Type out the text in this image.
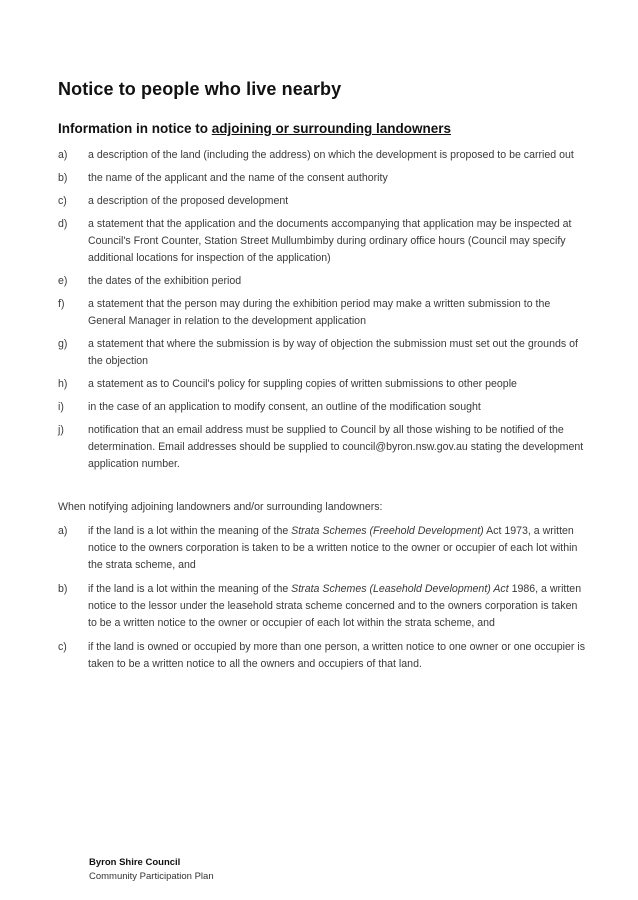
Notice to people who live nearby
Information in notice to adjoining or surrounding landowners
a)	a description of the land (including the address) on which the development is proposed to be carried out
b)	the name of the applicant and the name of the consent authority
c)	a description of the proposed development
d)	a statement that the application and the documents accompanying that application may be inspected at Council's Front Counter, Station Street Mullumbimby during ordinary office hours (Council may specify additional locations for inspection of the application)
e)	the dates of the exhibition period
f)	a statement that the person may during the exhibition period may make a written submission to the General Manager in relation to the development application
g)	a statement that where the submission is by way of objection the submission must set out the grounds of the objection
h)	a statement as to Council's policy for suppling copies of written submissions to other people
i)	in the case of an application to modify consent, an outline of the modification sought
j)	notification that an email address must be supplied to Council by all those wishing to be notified of the determination. Email addresses should be supplied to council@byron.nsw.gov.au stating the development application number.

When notifying adjoining landowners and/or surrounding landowners:

a)	if the land is a lot within the meaning of the Strata Schemes (Freehold Development) Act 1973, a written notice to the owners corporation is taken to be a written notice to the owner or occupier of each lot within the strata scheme, and
b)	if the land is a lot within the meaning of the Strata Schemes (Leasehold Development) Act 1986, a written notice to the lessor under the leasehold strata scheme concerned and to the owners corporation is taken to be a written notice to the owner or occupier of each lot within the strata scheme, and
c)	if the land is owned or occupied by more than one person, a written notice to one owner or one occupier is taken to be a written notice to all the owners and occupiers of that land.
Byron Shire Council
Community Participation Plan
